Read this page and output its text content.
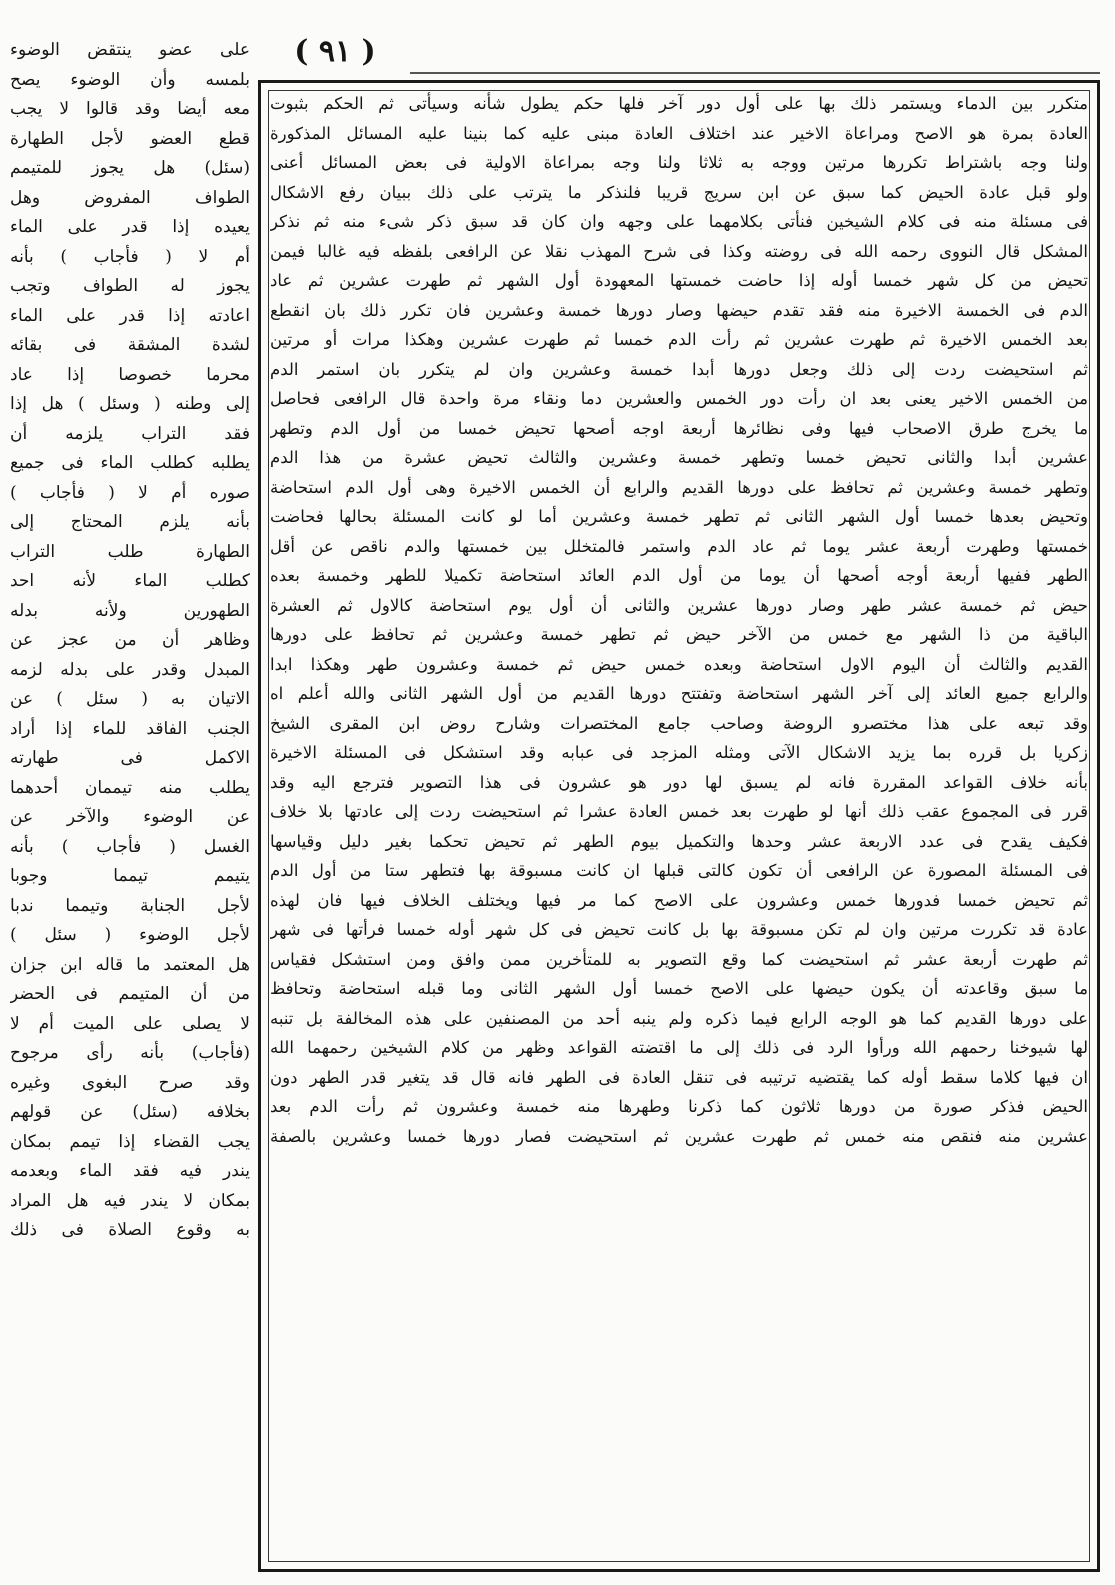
( ٩١ )
متكرر بين الدماء ويستمر ذلك بها على أول دور آخر فلها حكم يطول شأنه وسيأتى ثم الحكم بثبوت
العادة بمرة هو الاصح ومراعاة الاخير عند اختلاف العادة مبنى عليه كما بنينا عليه المسائل المذكورة
ولنا وجه باشتراط تكررها مرتين ووجه به ثلاثا ولنا وجه بمراعاة الاولية فى بعض المسائل أعنى
ولو قبل عادة الحيض كما سبق عن ابن سريج قريبا فلنذكر ما يترتب على ذلك ببيان رفع الاشكال
فى مسئلة منه فى كلام الشيخين فنأتى بكلامهما على وجهه وان كان قد سبق ذكر شىء منه ثم نذكر
المشكل قال النووى رحمه الله فى روضته وكذا فى شرح المهذب نقلا عن الرافعى بلفظه فيه غالبا فيمن
تحيض من كل شهر خمسا أوله إذا حاضت خمستها المعهودة أول الشهر ثم طهرت عشرين ثم عاد
الدم فى الخمسة الاخيرة منه فقد تقدم حيضها وصار دورها خمسة وعشرين فان تكرر ذلك بان انقطع
بعد الخمس الاخيرة ثم طهرت عشرين ثم رأت الدم خمسا ثم طهرت عشرين وهكذا مرات أو مرتين
ثم استحيضت ردت إلى ذلك وجعل دورها أبدا خمسة وعشرين وان لم يتكرر بان استمر الدم
من الخمس الاخير يعنى بعد ان رأت دور الخمس والعشرين دما ونقاء مرة واحدة قال الرافعى فحاصل
ما يخرج طرق الاصحاب فيها وفى نظائرها أربعة اوجه أصحها تحيض خمسا من أول الدم وتطهر
عشرين أبدا والثانى تحيض خمسا وتطهر خمسة وعشرين والثالث تحيض عشرة من هذا الدم
وتطهر خمسة وعشرين ثم تحافظ على دورها القديم والرابع أن الخمس الاخيرة وهى أول الدم استحاضة
وتحيض بعدها خمسا أول الشهر الثانى ثم تطهر خمسة وعشرين أما لو كانت المسئلة بحالها فحاضت
خمستها وطهرت أربعة عشر يوما ثم عاد الدم واستمر فالمتخلل بين خمستها والدم ناقص عن أقل
الطهر ففيها أربعة أوجه أصحها أن يوما من أول الدم العائد استحاضة تكميلا للطهر وخمسة بعده
حيض ثم خمسة عشر طهر وصار دورها عشرين والثانى أن أول يوم استحاضة كالاول ثم العشرة
الباقية من ذا الشهر مع خمس من الآخر حيض ثم تطهر خمسة وعشرين ثم تحافظ على دورها
القديم والثالث أن اليوم الاول استحاضة وبعده خمس حيض ثم خمسة وعشرون طهر وهكذا ابدا
والرابع جميع العائد إلى آخر الشهر استحاضة وتفتتح دورها القديم من أول الشهر الثانى والله أعلم اه
وقد تبعه على هذا مختصرو الروضة وصاحب جامع المختصرات وشارح روض ابن المقرى الشيخ
زكريا بل قرره بما يزيد الاشكال الآتى ومثله المزجد فى عبابه وقد استشكل فى المسئلة الاخيرة
بأنه خلاف القواعد المقررة فانه لم يسبق لها دور هو عشرون فى هذا التصوير فترجع اليه وقد
قرر فى المجموع عقب ذلك أنها لو طهرت بعد خمس العادة عشرا ثم استحيضت ردت إلى عادتها بلا خلاف
فكيف يقدح فى عدد الاربعة عشر وحدها والتكميل بيوم الطهر ثم تحيض تحكما بغير دليل وقياسها
فى المسئلة المصورة عن الرافعى أن تكون كالتى قبلها ان كانت مسبوقة بها فتطهر ستا من أول الدم
ثم تحيض خمسا فدورها خمس وعشرون على الاصح كما مر فيها ويختلف الخلاف فيها فان لهذه
عادة قد تكررت مرتين وان لم تكن مسبوقة بها بل كانت تحيض فى كل شهر أوله خمسا فرأتها فى شهر
ثم طهرت أربعة عشر ثم استحيضت كما وقع التصوير به للمتأخرين ممن وافق ومن استشكل فقياس
ما سبق وقاعدته أن يكون حيضها على الاصح خمسا أول الشهر الثانى وما قبله استحاضة وتحافظ
على دورها القديم كما هو الوجه الرابع فيما ذكره ولم ينبه أحد من المصنفين على هذه المخالفة بل تنبه
لها شيوخنا رحمهم الله ورأوا الرد فى ذلك إلى ما اقتضته القواعد وظهر من كلام الشيخين رحمهما الله
ان فيها كلاما سقط أوله كما يقتضيه ترتيبه فى تنقل العادة فى الطهر فانه قال قد يتغير قدر الطهر دون
الحيض فذكر صورة من دورها ثلاثون كما ذكرنا وطهرها منه خمسة وعشرون ثم رأت الدم بعد
عشرين منه فنقص منه خمس ثم طهرت عشرين ثم استحيضت فصار دورها خمسا وعشرين بالصفة
على عضو ينتقض الوضوء
بلمسه وأن الوضوء يصح
معه أيضا وقد قالوا لا يجب
قطع العضو لأجل الطهارة
(سئل) هل يجوز للمتيمم
الطواف المفروض وهل
يعيده إذا قدر على الماء
أم لا ( فأجاب ) بأنه
يجوز له الطواف وتجب
اعادته إذا قدر على الماء
لشدة المشقة فى بقائه
محرما خصوصا إذا عاد
إلى وطنه ( وسئل ) هل إذا
فقد التراب يلزمه أن
يطلبه كطلب الماء فى جميع
صوره أم لا ( فأجاب )
بأنه يلزم المحتاج إلى
الطهارة طلب التراب
كطلب الماء لأنه احد
الطهورين ولأنه بدله
وظاهر أن من عجز عن
المبدل وقدر على بدله لزمه
الاتيان به ( سئل ) عن
الجنب الفاقد للماء إذا أراد
الاكمل فى طهارته
يطلب منه تيممان أحدهما
عن الوضوء والآخر عن
الغسل ( فأجاب ) بأنه
يتيمم تيمما وجوبا
لأجل الجنابة وتيمما ندبا
لأجل الوضوء ( سئل )
هل المعتمد ما قاله ابن جزان
من أن المتيمم فى الحضر
لا يصلى على الميت أم لا
(فأجاب) بأنه رأى مرجوح
وقد صرح البغوى وغيره
بخلافه (سئل) عن قولهم
يجب القضاء إذا تيمم بمكان
يندر فيه فقد الماء وبعدمه
بمكان لا يندر فيه هل المراد
به وقوع الصلاة فى ذلك
